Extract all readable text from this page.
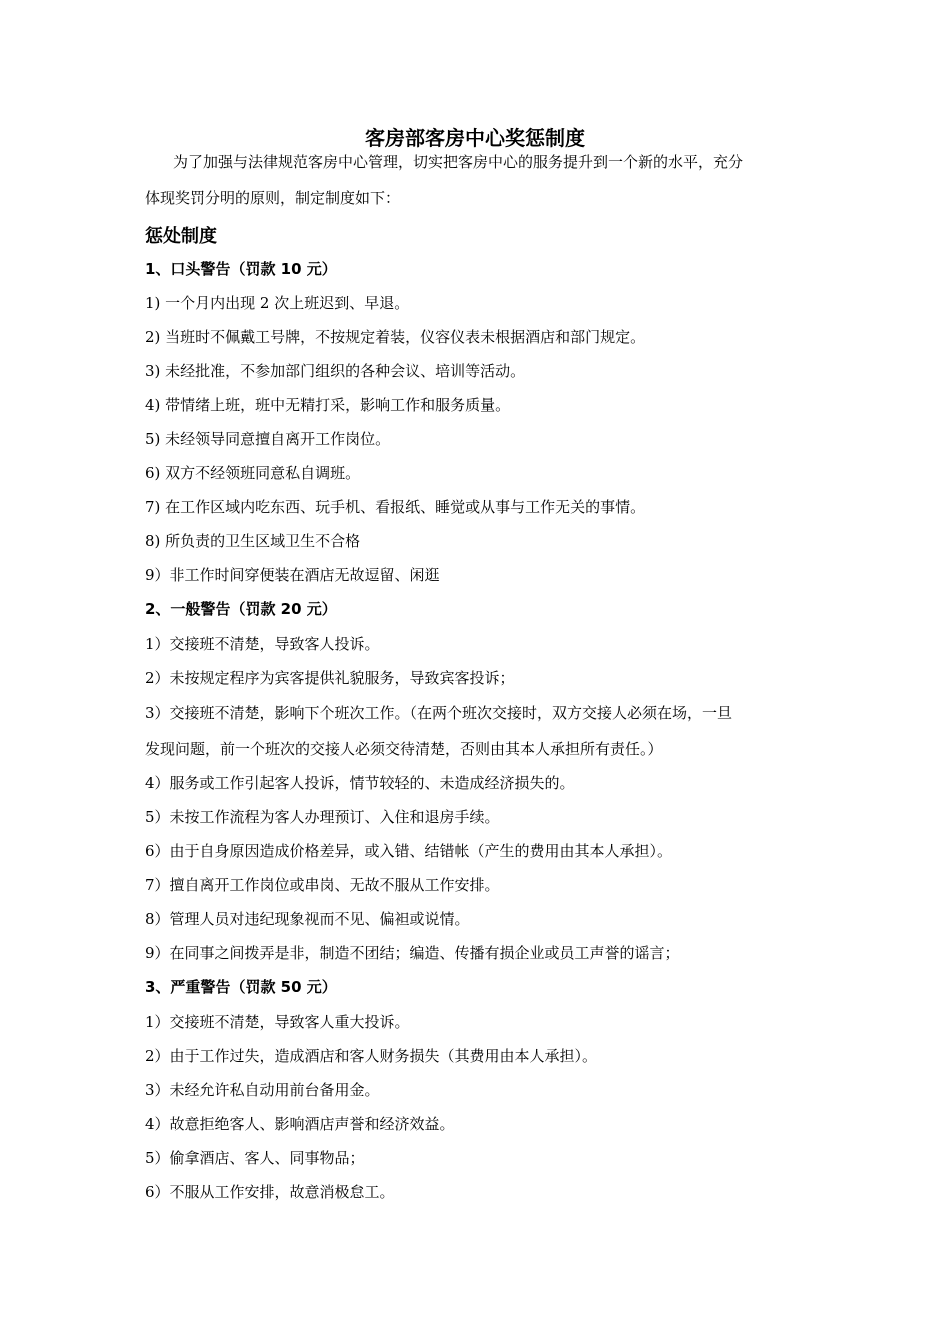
客房部客房中心奖惩制度
为了加强与法律规范客房中心管理，切实把客房中心的服务提升到一个新的水平，充分
体现奖罚分明的原则，制定制度如下：
惩处制度
1、口头警告（罚款 10 元）
1) 一个月内出现 2 次上班迟到、早退。
2) 当班时不佩戴工号牌，不按规定着装，仪容仪表未根据酒店和部门规定。
3) 未经批准，不参加部门组织的各种会议、培训等活动。
4) 带情绪上班，班中无精打采，影响工作和服务质量。
5) 未经领导同意擅自离开工作岗位。
6) 双方不经领班同意私自调班。
7) 在工作区域内吃东西、玩手机、看报纸、睡觉或从事与工作无关的事情。
8) 所负责的卫生区域卫生不合格
9）非工作时间穿便装在酒店无故逗留、闲逛
2、一般警告（罚款 20 元）
1）交接班不清楚，导致客人投诉。
2）未按规定程序为宾客提供礼貌服务，导致宾客投诉；
3）交接班不清楚，影响下个班次工作。（在两个班次交接时，双方交接人必须在场，一旦
发现问题，前一个班次的交接人必须交待清楚，否则由其本人承担所有责任。）
4）服务或工作引起客人投诉，情节较轻的、未造成经济损失的。
5）未按工作流程为客人办理预订、入住和退房手续。
6）由于自身原因造成价格差异，或入错、结错帐（产生的费用由其本人承担）。
7）擅自离开工作岗位或串岗、无故不服从工作安排。
8）管理人员对违纪现象视而不见、偏袒或说情。
9）在同事之间拨弄是非，制造不团结；编造、传播有损企业或员工声誉的谣言；
3、严重警告（罚款 50 元）
1）交接班不清楚，导致客人重大投诉。
2）由于工作过失，造成酒店和客人财务损失（其费用由本人承担）。
3）未经允许私自动用前台备用金。
4）故意拒绝客人、影响酒店声誉和经济效益。
5）偷拿酒店、客人、同事物品；
6）不服从工作安排，故意消极怠工。
